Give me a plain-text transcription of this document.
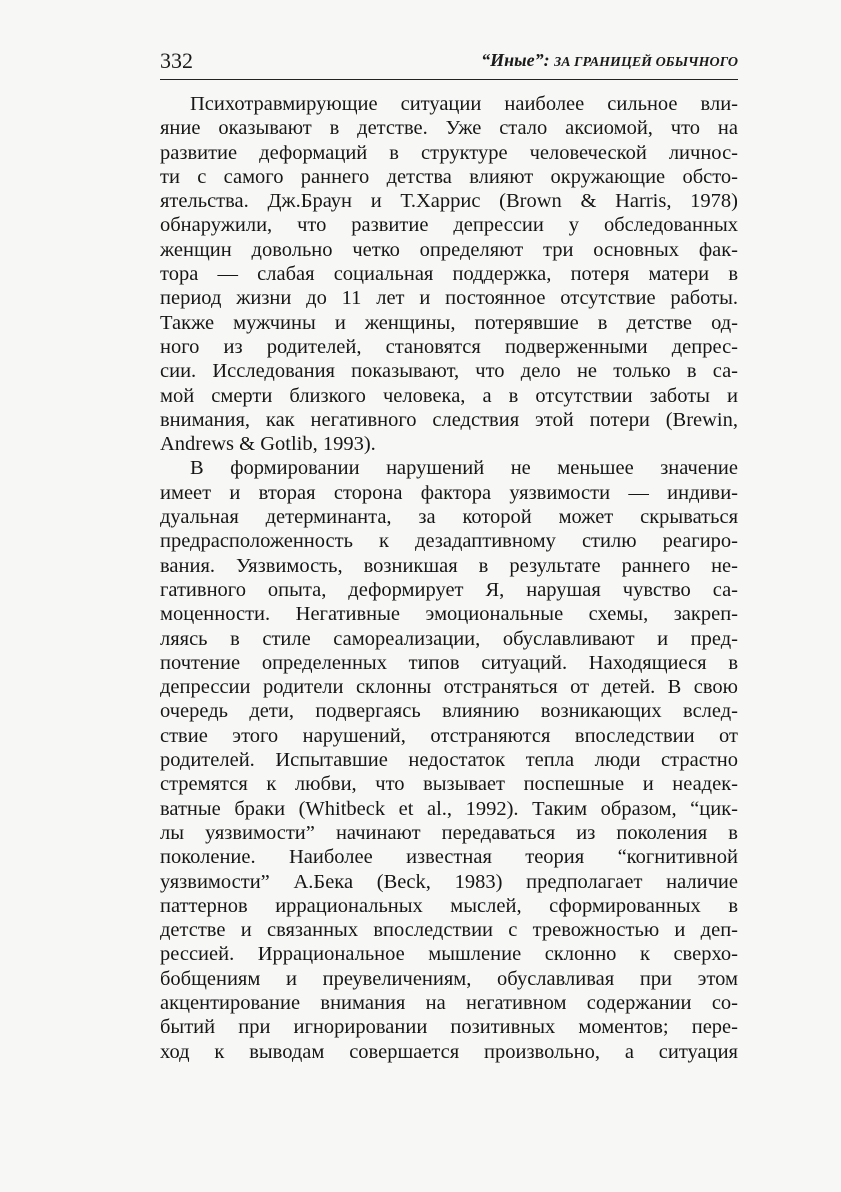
332	“Иные”: ЗА ГРАНИЦЕЙ ОБЫЧНОГО
Психотравмирующие ситуации наиболее сильное вли-
яние оказывают в детстве. Уже стало аксиомой, что на
развитие деформаций в структуре человеческой личнос-
ти с самого раннего детства влияют окружающие обсто-
ятельства. Дж.Браун и Т.Харрис (Brown & Harris, 1978)
обнаружили, что развитие депрессии у обследованных
женщин довольно четко определяют три основных фак-
тора — слабая социальная поддержка, потеря матери в
период жизни до 11 лет и постоянное отсутствие работы.
Также мужчины и женщины, потерявшие в детстве од-
ного из родителей, становятся подверженными депрес-
сии. Исследования показывают, что дело не только в са-
мой смерти близкого человека, а в отсутствии заботы и
внимания, как негативного следствия этой потери (Brewin,
Andrews & Gotlib, 1993).
В формировании нарушений не меньшее значение
имеет и вторая сторона фактора уязвимости — индиви-
дуальная детерминанта, за которой может скрываться
предрасположенность к дезадаптивному стилю реагиро-
вания. Уязвимость, возникшая в результате раннего не-
гативного опыта, деформирует Я, нарушая чувство са-
моценности. Негативные эмоциональные схемы, закреп-
ляясь в стиле самореализации, обуславливают и пред-
почтение определенных типов ситуаций. Находящиеся в
депрессии родители склонны отстраняться от детей. В свою
очередь дети, подвергаясь влиянию возникающих вслед-
ствие этого нарушений, отстраняются впоследствии от
родителей. Испытавшие недостаток тепла люди страстно
стремятся к любви, что вызывает поспешные и неадек-
ватные браки (Whitbeck et al., 1992). Таким образом, “цик-
лы уязвимости” начинают передаваться из поколения в
поколение. Наиболее известная теория “когнитивной
уязвимости” А.Бека (Beck, 1983) предполагает наличие
паттернов иррациональных мыслей, сформированных в
детстве и связанных впоследствии с тревожностью и деп-
рессией. Иррациональное мышление склонно к сверхо-
бобщениям и преувеличениям, обуславливая при этом
акцентирование внимания на негативном содержании со-
бытий при игнорировании позитивных моментов; пере-
ход к выводам совершается произвольно, а ситуация
